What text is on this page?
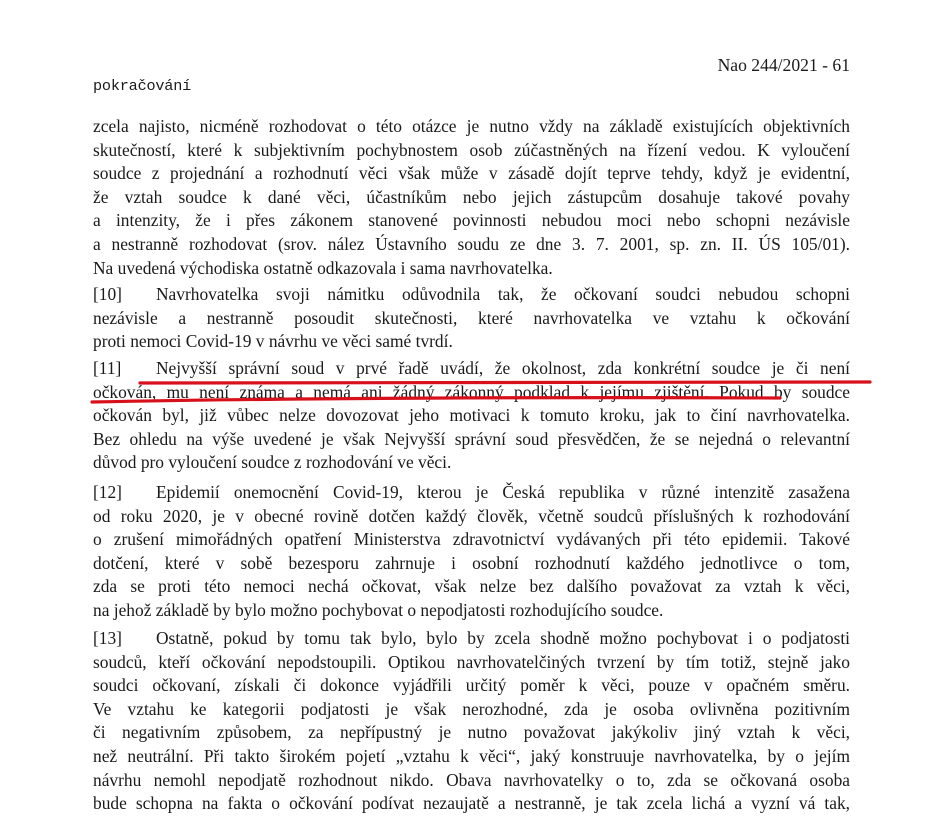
Nao 244/2021 - 61
pokračování
zcela najisto, nicméně rozhodovat o této otázce je nutno vždy na základě existujících objektivních
skutečností, které k subjektivním pochybnostem osob zúčastněných na řízení vedou. K vyloučení
soudce z projednání a rozhodnutí věci však může v zásadě dojít teprve tehdy, když je evidentní,
že vztah soudce k dané věci, účastníkům nebo jejich zástupcům dosahuje takové povahy
a intenzity, že i přes zákonem stanovené povinnosti nebudou moci nebo schopni nezávisle
a nestranně rozhodovat (srov. nález Ústavního soudu ze dne 3. 7. 2001, sp. zn. II. ÚS 105/01).
Na uvedená východiska ostatně odkazovala i sama navrhovatelka.
[10]	Navrhovatelka svoji námitku odůvodnila tak, že očkovaní soudci nebudou schopni
nezávisle a nestranně posoudit skutečnosti, které navrhovatelka ve vztahu k očkování
proti nemoci Covid-19 v návrhu ve věci samé tvrdí.
[11]	Nejvyšší správní soud v prvé řadě uvádí, že okolnost, zda konkrétní soudce je či není
očkován, mu není známa a nemá ani žádný zákonný podklad k jejímu zjištění. Pokud by soudce
očkován byl, již vůbec nelze dovozovat jeho motivaci k tomuto kroku, jak to činí navrhovatelka.
Bez ohledu na výše uvedené je však Nejvyšší správní soud přesvědčen, že se nejedná o relevantní
důvod pro vyloučení soudce z rozhodování ve věci.
[12]	Epidemií onemocnění Covid-19, kterou je Česká republika v různé intenzitě zasažena
od roku 2020, je v obecné rovině dotčen každý člověk, včetně soudců příslušných k rozhodování
o zrušení mimořádných opatření Ministerstva zdravotnictví vydávaných při této epidemii. Takové
dotčení, které v sobě bezesporu zahrnuje i osobní rozhodnutí každého jednotlivce o tom,
zda se proti této nemoci nechá očkovat, však nelze bez dalšího považovat za vztah k věci,
na jehož základě by bylo možno pochybovat o nepodjatosti rozhodujícího soudce.
[13]	Ostatně, pokud by tomu tak bylo, bylo by zcela shodně možno pochybovat i o podjatosti
soudců, kteří očkování nepodstoupili. Optikou navrhovatelčiných tvrzení by tím totiž, stejně jako
soudci očkovaní, získali či dokonce vyjádřili určitý poměr k věci, pouze v opačném směru.
Ve vztahu ke kategorii podjatosti je však nerozhodné, zda je osoba ovlivněna pozitivním
či negativním způsobem, za nepřípustný je nutno považovat jakýkoliv jiný vztah k věci,
než neutrální. Při takto širokém pojetí „vztahu k věci“, jaký konstruuje navrhovatelka, by o jejím
návrhu nemohl nepodjatě rozhodnout nikdo. Obava navrhovatelky o to, zda se očkovaná osoba
bude schopna na fakta o očkování podívat nezaujatě a nestranně, je tak zcela lichá a vyzní vá tak,
